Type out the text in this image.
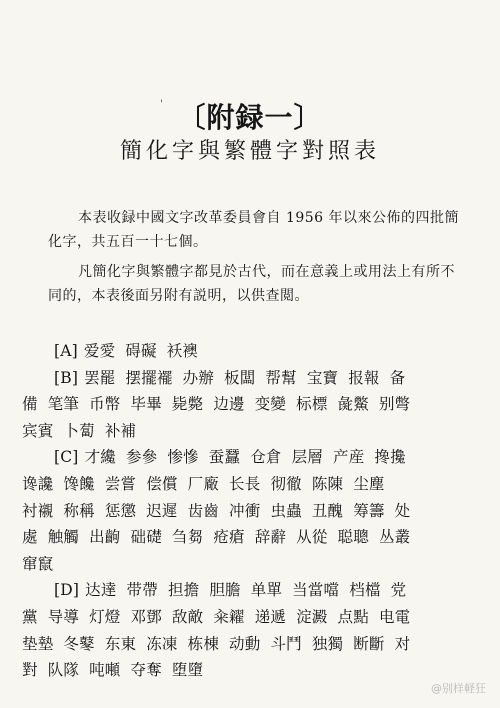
' 〔附録一〕
簡化字與繁體字對照表

本表收録中國文字改革委員會自 1956 年以來公佈的四批簡

化字，共五百一十七個。

凡簡化字與繁體字都見於古代，而在意義上或用法上有所不

同的，本表後面另附有説明，以供查閲。

[A] 爱愛 碍礙 袄襖
[B] 罢罷 摆擺襬 办辦 板闆 帮幫 宝寶 报報 备
備 笔筆 币幣 毕畢 毙斃 边邊 变變 标標 彘鱉 别彆
宾賓 卜蔔 补補
[C] 才纔 参參 惨慘 蚕蠶 仓倉 层層 产産 搀攙
谗讒 馋饞 尝嘗 偿償 厂廠 长長 彻徹 陈陳 尘塵
衬襯 称稱 惩懲 迟遲 齿齒 冲衝 虫蟲 丑醜 筹籌 处
處 触觸 出齣 础礎 刍芻 疮瘡 辞辭 从從 聪聰 丛叢
窜竄
[D] 达達 带帶 担擔 胆膽 单單 当當噹 档檔 党
黨 导導 灯燈 邓鄧 敌敵 籴糴 递遞 淀澱 点點 电電
垫墊 冬鼕 东東 冻凍 栋棟 动動 斗鬥 独獨 断斷 对
對 队隊 吨噸 夺奪 堕墮
@别样軽狂
